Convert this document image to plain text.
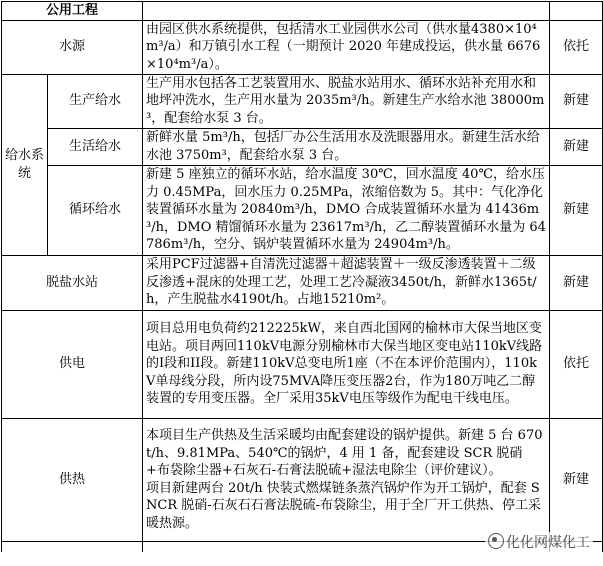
公用工程			
水源		由园区供水系统提供，包括清水工业园供水公司（供水量4380×10⁴m³/a）和万镇引水工程（一期预计 2020 年建成投运，供水量 6676×10⁴m³/a）。	依托
给水系统	生产给水	生产用水包括各工艺装置用水、脱盐水站用水、循环水站补充用水和地坪冲洗水，生产用水量为 2035m³/h。新建生产水给水池 38000m³，配套给水泵 3 台。	新建
	生活给水	新鲜水量 5m³/h，包括厂办公生活用水及洗眼器用水。新建生活水给水池 3750m³，配套给水泵 3 台。	新建
	循环给水	新建 5 座独立的循环水站，给水温度 30℃，回水温度 40℃，给水压力 0.45MPa，回水压力 0.25MPa，浓缩倍数为 5。其中：气化净化装置循环水量为 20840m³/h，DMO 合成装置循环水量为 41436m³/h，DMO 精馏循环水量为 23617m³/h，乙二醇装置循环水量为 64786m³/h，空分、锅炉装置循环水量为 24904m³/h。	新建
脱盐水站		采用PCF过滤器+自清洗过滤器＋超滤装置＋一级反渗透装置＋二级反渗透+混床的处理工艺，处理工艺冷凝液3450t/h，新鲜水1365t/h，产生脱盐水4190t/h。占地15210m²。	新建
供电		项目总用电负荷约212225kW，来自西北国网的榆林市大保当地区变电站。项目两回110kV电源分别榆林市大保当地区变电站110kV线路的I段和II段。新建110kV总变电所1座（不在本评价范围内），110kV单母线分段，所内设75MVA降压变压器2台，作为180万吨乙二醇装置的专用变压器。全厂采用35kV电压等级作为配电干线电压。	依托
供热		本项目生产供热及生活采暖均由配套建设的锅炉提供。新建 5 台 670t/h、9.81MPa、540℃的锅炉，4 用 1 备，配套建设 SCR 脱硝+布袋除尘器+石灰石-石膏法脱硫+湿法电除尘（评价建议）。
项目新建两台 20t/h 快装式燃煤链条蒸汽锅炉作为开工锅炉，配套 SNCR 脱硝-石灰石石膏法脱硫-布袋除尘，用于全厂开工供热、停工采暖热源。	新建

化化网煤化工
